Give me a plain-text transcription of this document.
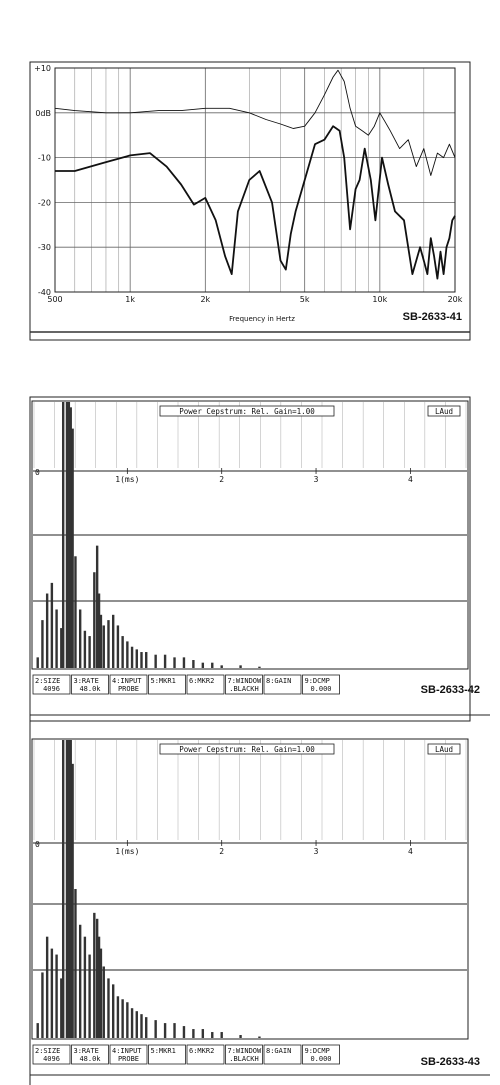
+10
0dB
-10
-20
-30
-40
500	1k	2k	5k	10k	20k
Frequency in Hertz	SB-2633-41
0
1(ms)	2	3	4
Power Cepstrum: Rel. Gain=1.00	LAud
2:SIZE
4096
3:RATE
48.0k
4:INPUT
PROBE
5:MKR1 6:MKR2 7:WINDOW
.BLACKH
8:GAIN 9:DCMP
0.000	SB-2633-42
0
1(ms)	2	3	4
Power Cepstrum: Rel. Gain=1.00	LAud
2:SIZE
4096
3:RATE
48.0k
4:INPUT
PROBE
5:MKR1 6:MKR2 7:WINDOW
.BLACKH
8:GAIN 9:DCMP
0.000	SB-2633-43
